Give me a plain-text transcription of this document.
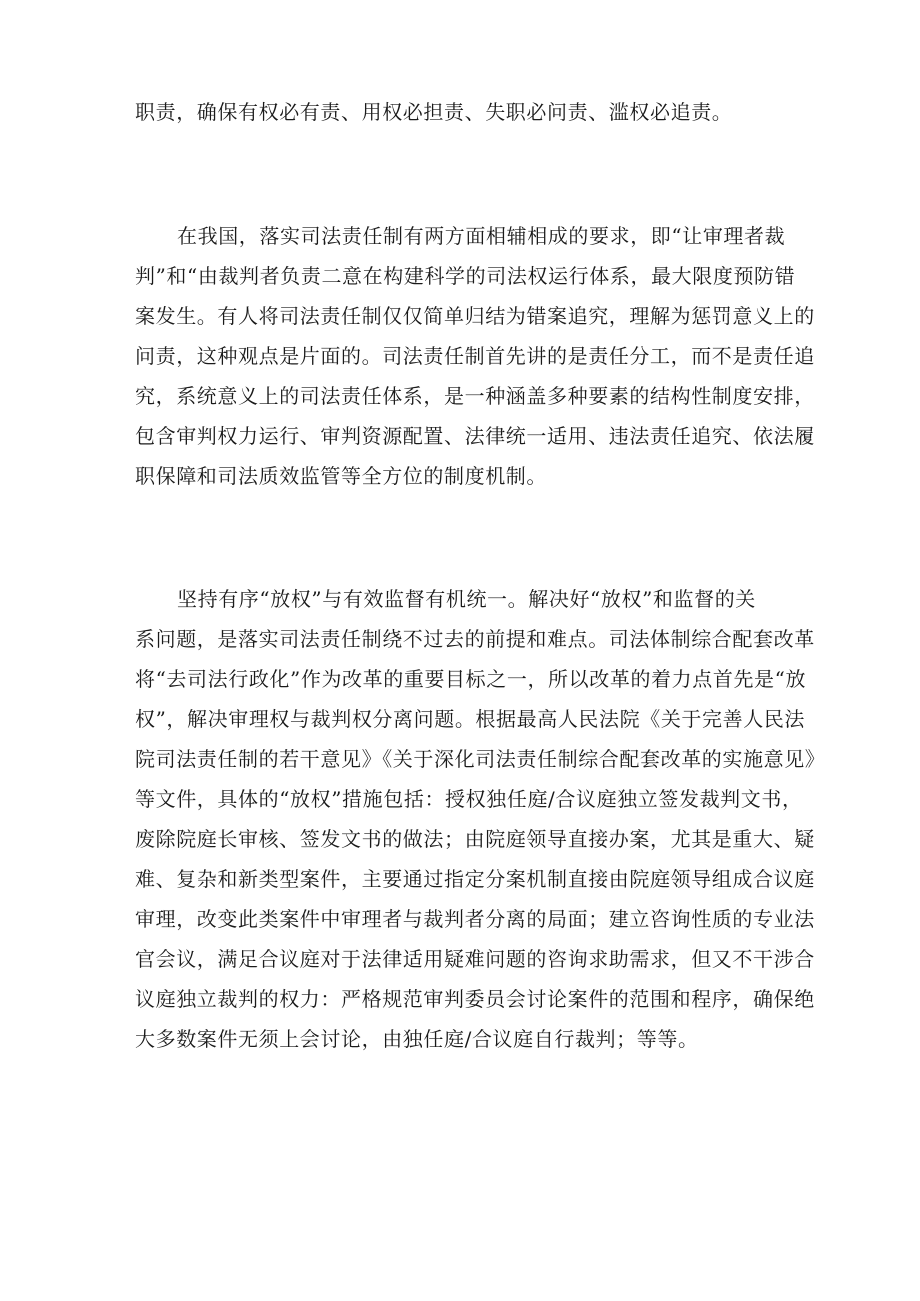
职责，确保有权必有责、用权必担责、失职必问责、滥权必追责。
在我国，落实司法责任制有两方面相辅相成的要求，即“让审理者裁
判”和“由裁判者负责二意在构建科学的司法权运行体系，最大限度预防错
案发生。有人将司法责任制仅仅简单归结为错案追究，理解为惩罚意义上的
问责，这种观点是片面的。司法责任制首先讲的是责任分工，而不是责任追
究，系统意义上的司法责任体系，是一种涵盖多种要素的结构性制度安排，
包含审判权力运行、审判资源配置、法律统一适用、违法责任追究、依法履
职保障和司法质效监管等全方位的制度机制。
坚持有序“放权”与有效监督有机统一。解决好“放权”和监督的关
系问题，是落实司法责任制绕不过去的前提和难点。司法体制综合配套改革
将“去司法行政化”作为改革的重要目标之一，所以改革的着力点首先是“放
权”，解决审理权与裁判权分离问题。根据最高人民法院《关于完善人民法
院司法责任制的若干意见》《关于深化司法责任制综合配套改革的实施意见》
等文件，具体的“放权”措施包括：授权独任庭/合议庭独立签发裁判文书，
废除院庭长审核、签发文书的做法；由院庭领导直接办案，尤其是重大、疑
难、复杂和新类型案件，主要通过指定分案机制直接由院庭领导组成合议庭
审理，改变此类案件中审理者与裁判者分离的局面；建立咨询性质的专业法
官会议，满足合议庭对于法律适用疑难问题的咨询求助需求，但又不干涉合
议庭独立裁判的权力：严格规范审判委员会讨论案件的范围和程序，确保绝
大多数案件无须上会讨论，由独任庭/合议庭自行裁判；等等。
